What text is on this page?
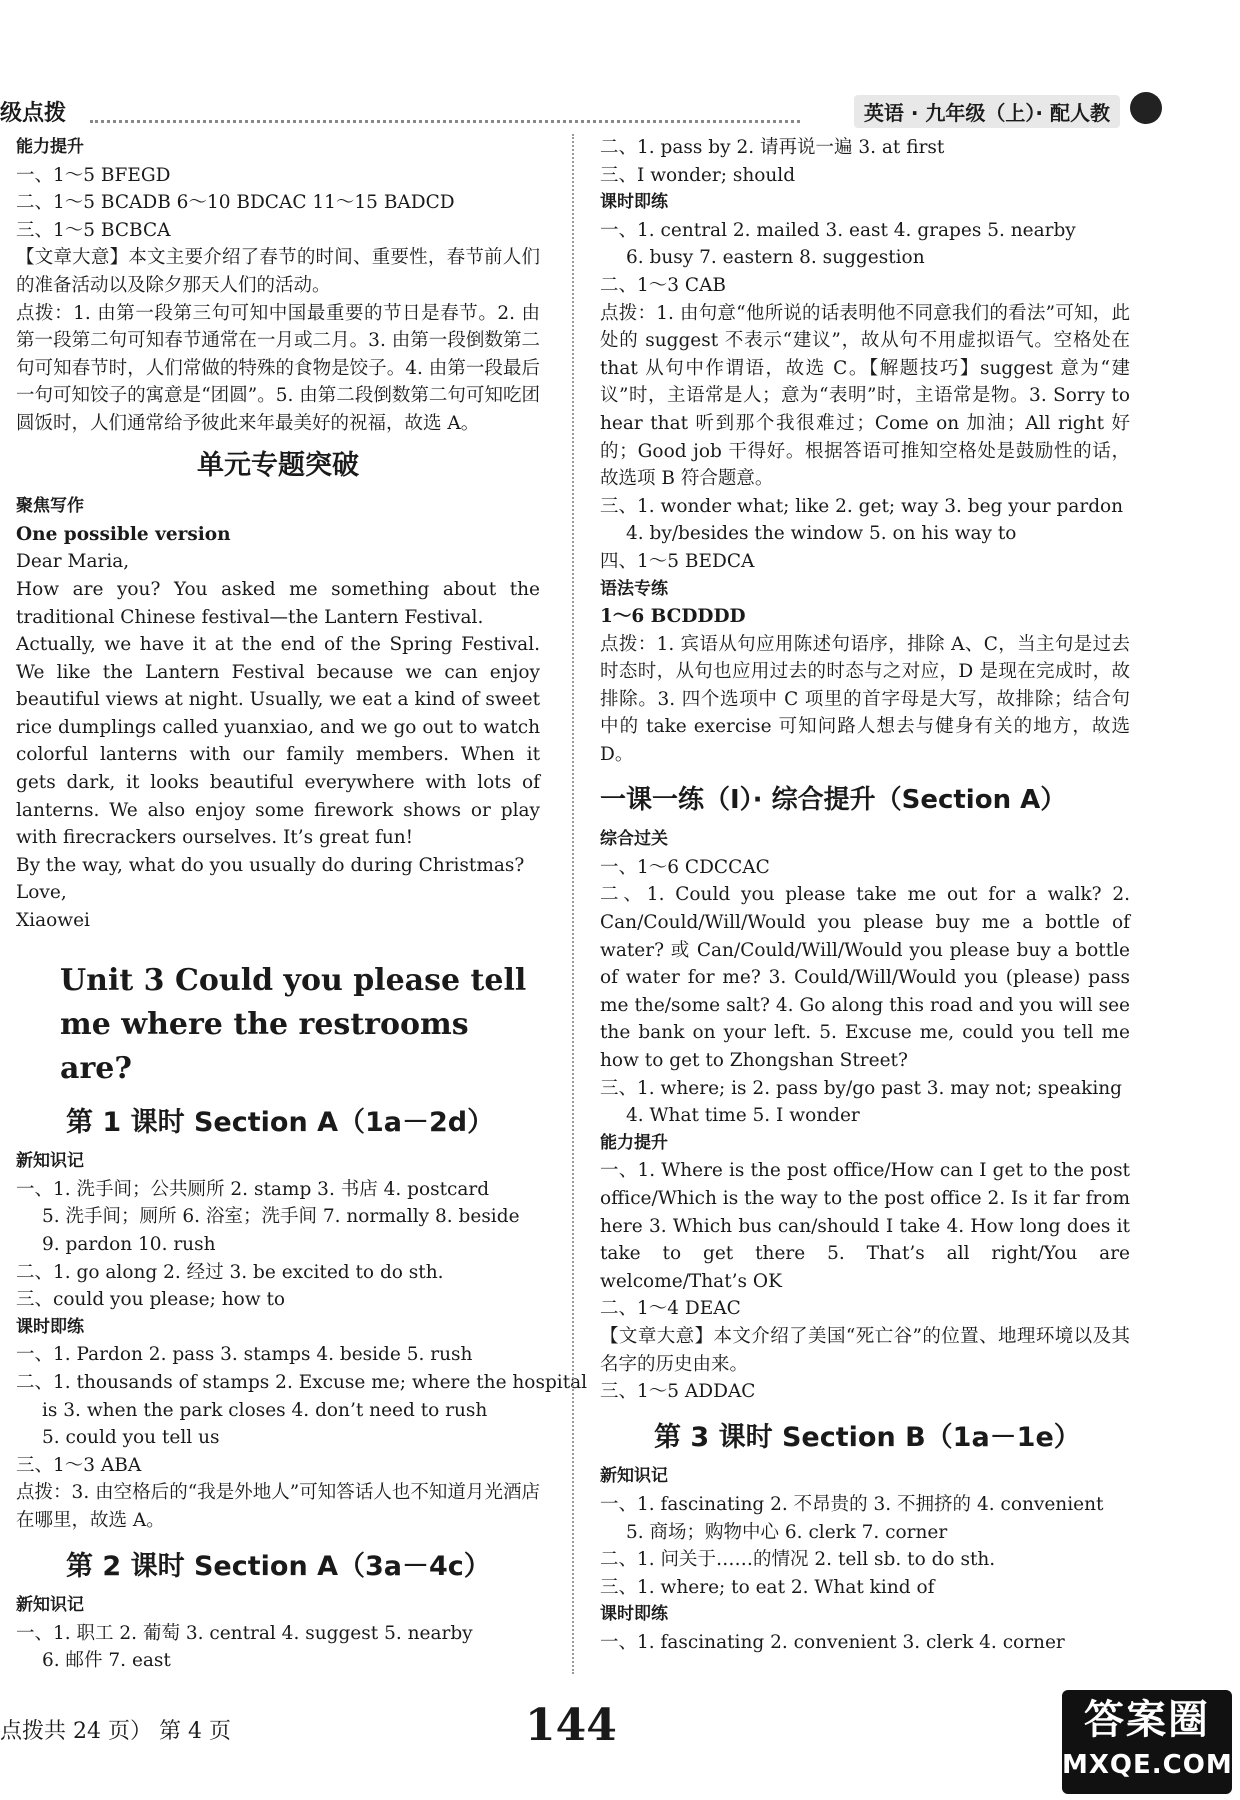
级点拨	英语 · 九年级（上）· 配人教
能力提升
一、1～5 BFEGD
二、1～5 BCADB 6～10 BDCAC 11～15 BADCD
三、1～5 BCBCA
【文章大意】本文主要介绍了春节的时间、重要性，春节前人们的准备活动以及除夕那天人们的活动。
点拨：1. 由第一段第三句可知中国最重要的节日是春节。2. 由第一段第二句可知春节通常在一月或二月。3. 由第一段倒数第二句可知春节时，人们常做的特殊的食物是饺子。4. 由第一段最后一句可知饺子的寓意是“团圆”。5. 由第二段倒数第二句可知吃团圆饭时，人们通常给予彼此来年最美好的祝福，故选 A。
单元专题突破
聚焦写作
One possible version
Dear Maria,
How are you? You asked me something about the traditional Chinese festival—the Lantern Festival.
Actually, we have it at the end of the Spring Festival. We like the Lantern Festival because we can enjoy beautiful views at night. Usually, we eat a kind of sweet rice dumplings called yuanxiao, and we go out to watch colorful lanterns with our family members. When it gets dark, it looks beautiful everywhere with lots of lanterns. We also enjoy some firework shows or play with firecrackers ourselves. It’s great fun!
By the way, what do you usually do during Christmas?
Love,
Xiaowei
Unit 3 Could you please tell me where the restrooms are?
第 1 课时 Section A（1a－2d）
新知识记
一、1. 洗手间；公共厕所 2. stamp 3. 书店 4. postcard
5. 洗手间；厕所 6. 浴室；洗手间 7. normally 8. beside
9. pardon 10. rush
二、1. go along 2. 经过 3. be excited to do sth.
三、could you please; how to
课时即练
一、1. Pardon 2. pass 3. stamps 4. beside 5. rush
二、1. thousands of stamps 2. Excuse me; where the hospital
is 3. when the park closes 4. don’t need to rush
5. could you tell us
三、1～3 ABA
点拨：3. 由空格后的“我是外地人”可知答话人也不知道月光酒店在哪里，故选 A。
第 2 课时 Section A（3a－4c）
新知识记
一、1. 职工 2. 葡萄 3. central 4. suggest 5. nearby
6. 邮件 7. east
二、1. pass by 2. 请再说一遍 3. at first
三、I wonder; should
课时即练
一、1. central 2. mailed 3. east 4. grapes 5. nearby
6. busy 7. eastern 8. suggestion
二、1～3 CAB
点拨：1. 由句意“他所说的话表明他不同意我们的看法”可知，此处的 suggest 不表示“建议”，故从句不用虚拟语气。空格处在 that 从句中作谓语，故选 C。【解题技巧】suggest 意为“建议”时，主语常是人；意为“表明”时，主语常是物。3. Sorry to hear that 听到那个我很难过；Come on 加油；All right 好的；Good job 干得好。根据答语可推知空格处是鼓励性的话，故选项 B 符合题意。
三、1. wonder what; like 2. get; way 3. beg your pardon
4. by/besides the window 5. on his way to
四、1～5 BEDCA
语法专练
1～6 BCDDDD
点拨：1. 宾语从句应用陈述句语序，排除 A、C，当主句是过去时态时，从句也应用过去的时态与之对应，D 是现在完成时，故排除。3. 四个选项中 C 项里的首字母是大写，故排除；结合句中的 take exercise 可知问路人想去与健身有关的地方，故选 D。
一课一练（Ⅰ）· 综合提升（Section A）
综合过关
一、1～6 CDCCAC
二、1. Could you please take me out for a walk? 2. Can/Could/Will/Would you please buy me a bottle of water? 或 Can/Could/Will/Would you please buy a bottle of water for me? 3. Could/Will/Would you (please) pass me the/some salt? 4. Go along this road and you will see the bank on your left. 5. Excuse me, could you tell me how to get to Zhongshan Street?
三、1. where; is 2. pass by/go past 3. may not; speaking
4. What time 5. I wonder
能力提升
一、1. Where is the post office/How can I get to the post office/Which is the way to the post office 2. Is it far from here 3. Which bus can/should I take 4. How long does it take to get there 5. That’s all right/You are welcome/That’s OK
二、1～4 DEAC
【文章大意】本文介绍了美国“死亡谷”的位置、地理环境以及其名字的历史由来。
三、1～5 ADDAC
第 3 课时 Section B（1a－1e）
新知识记
一、1. fascinating 2. 不昂贵的 3. 不拥挤的 4. convenient
5. 商场；购物中心 6. clerk 7. corner
二、1. 问关于……的情况 2. tell sb. to do sth.
三、1. where; to eat 2. What kind of
课时即练
一、1. fascinating 2. convenient 3. clerk 4. corner
点拨共 24 页） 第 4 页	144	答案圈
MXQE.COM
